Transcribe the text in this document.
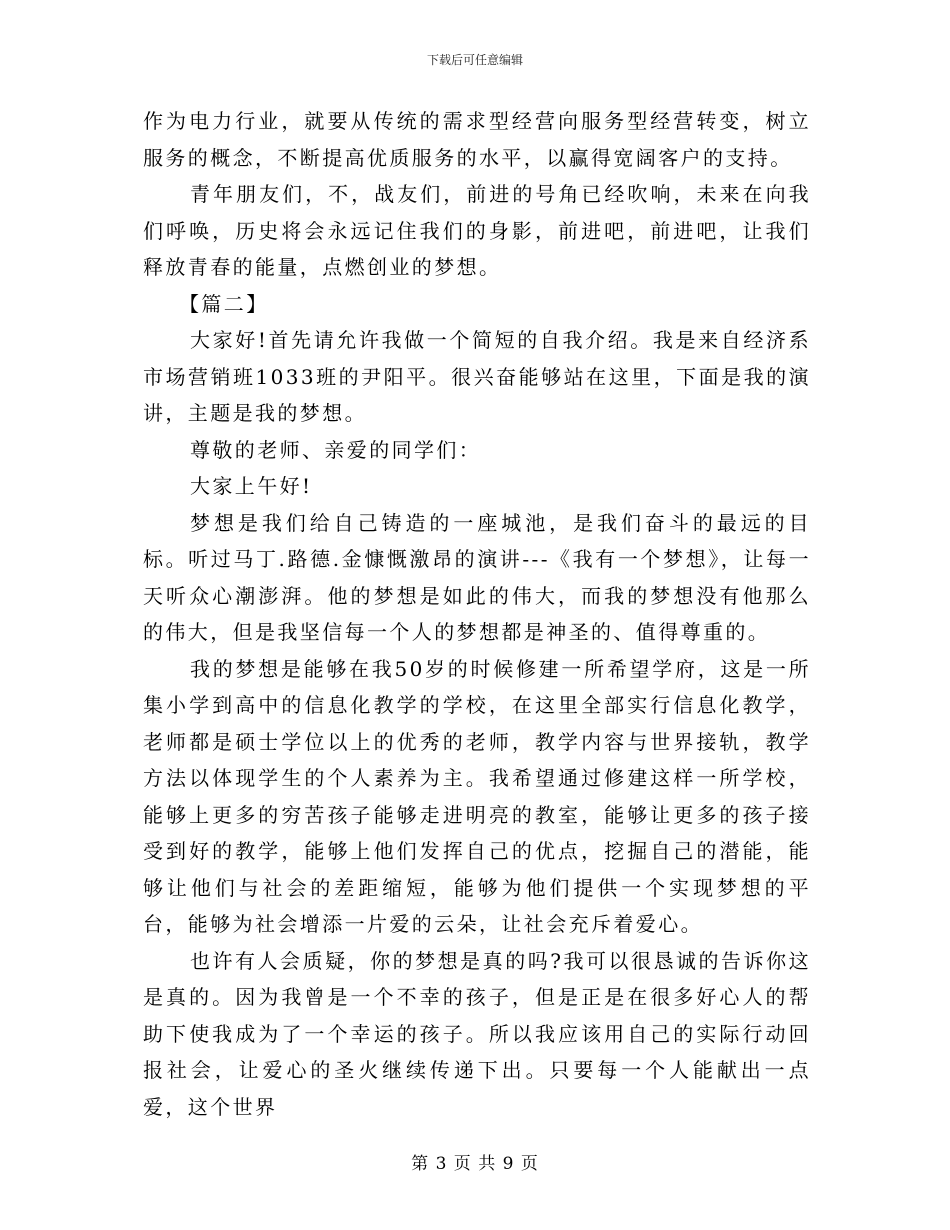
下载后可任意编辑

作为电力行业，就要从传统的需求型经营向服务型经营转变，树立服务的概念，不断提高优质服务的水平，以赢得宽阔客户的支持。

青年朋友们，不，战友们，前进的号角已经吹响，未来在向我们呼唤，历史将会永远记住我们的身影，前进吧，前进吧，让我们释放青春的能量，点燃创业的梦想。

【篇二】

大家好!首先请允许我做一个简短的自我介绍。我是来自经济系市场营销班1033班的尹阳平。很兴奋能够站在这里，下面是我的演讲，主题是我的梦想。

尊敬的老师、亲爱的同学们：

大家上午好!

梦想是我们给自己铸造的一座城池，是我们奋斗的最远的目标。听过马丁.路德.金慷慨激昂的演讲---《我有一个梦想》，让每一天听众心潮澎湃。他的梦想是如此的伟大，而我的梦想没有他那么的伟大，但是我坚信每一个人的梦想都是神圣的、值得尊重的。

我的梦想是能够在我50岁的时候修建一所希望学府，这是一所集小学到高中的信息化教学的学校，在这里全部实行信息化教学，老师都是硕士学位以上的优秀的老师，教学内容与世界接轨，教学方法以体现学生的个人素养为主。我希望通过修建这样一所学校，能够上更多的穷苦孩子能够走进明亮的教室，能够让更多的孩子接受到好的教学，能够上他们发挥自己的优点，挖掘自己的潜能，能够让他们与社会的差距缩短，能够为他们提供一个实现梦想的平台，能够为社会增添一片爱的云朵，让社会充斥着爱心。

也许有人会质疑，你的梦想是真的吗?我可以很恳诚的告诉你这是真的。因为我曾是一个不幸的孩子，但是正是在很多好心人的帮助下使我成为了一个幸运的孩子。所以我应该用自己的实际行动回报社会，让爱心的圣火继续传递下出。只要每一个人能献出一点爱，这个世界

第 3 页 共 9 页
